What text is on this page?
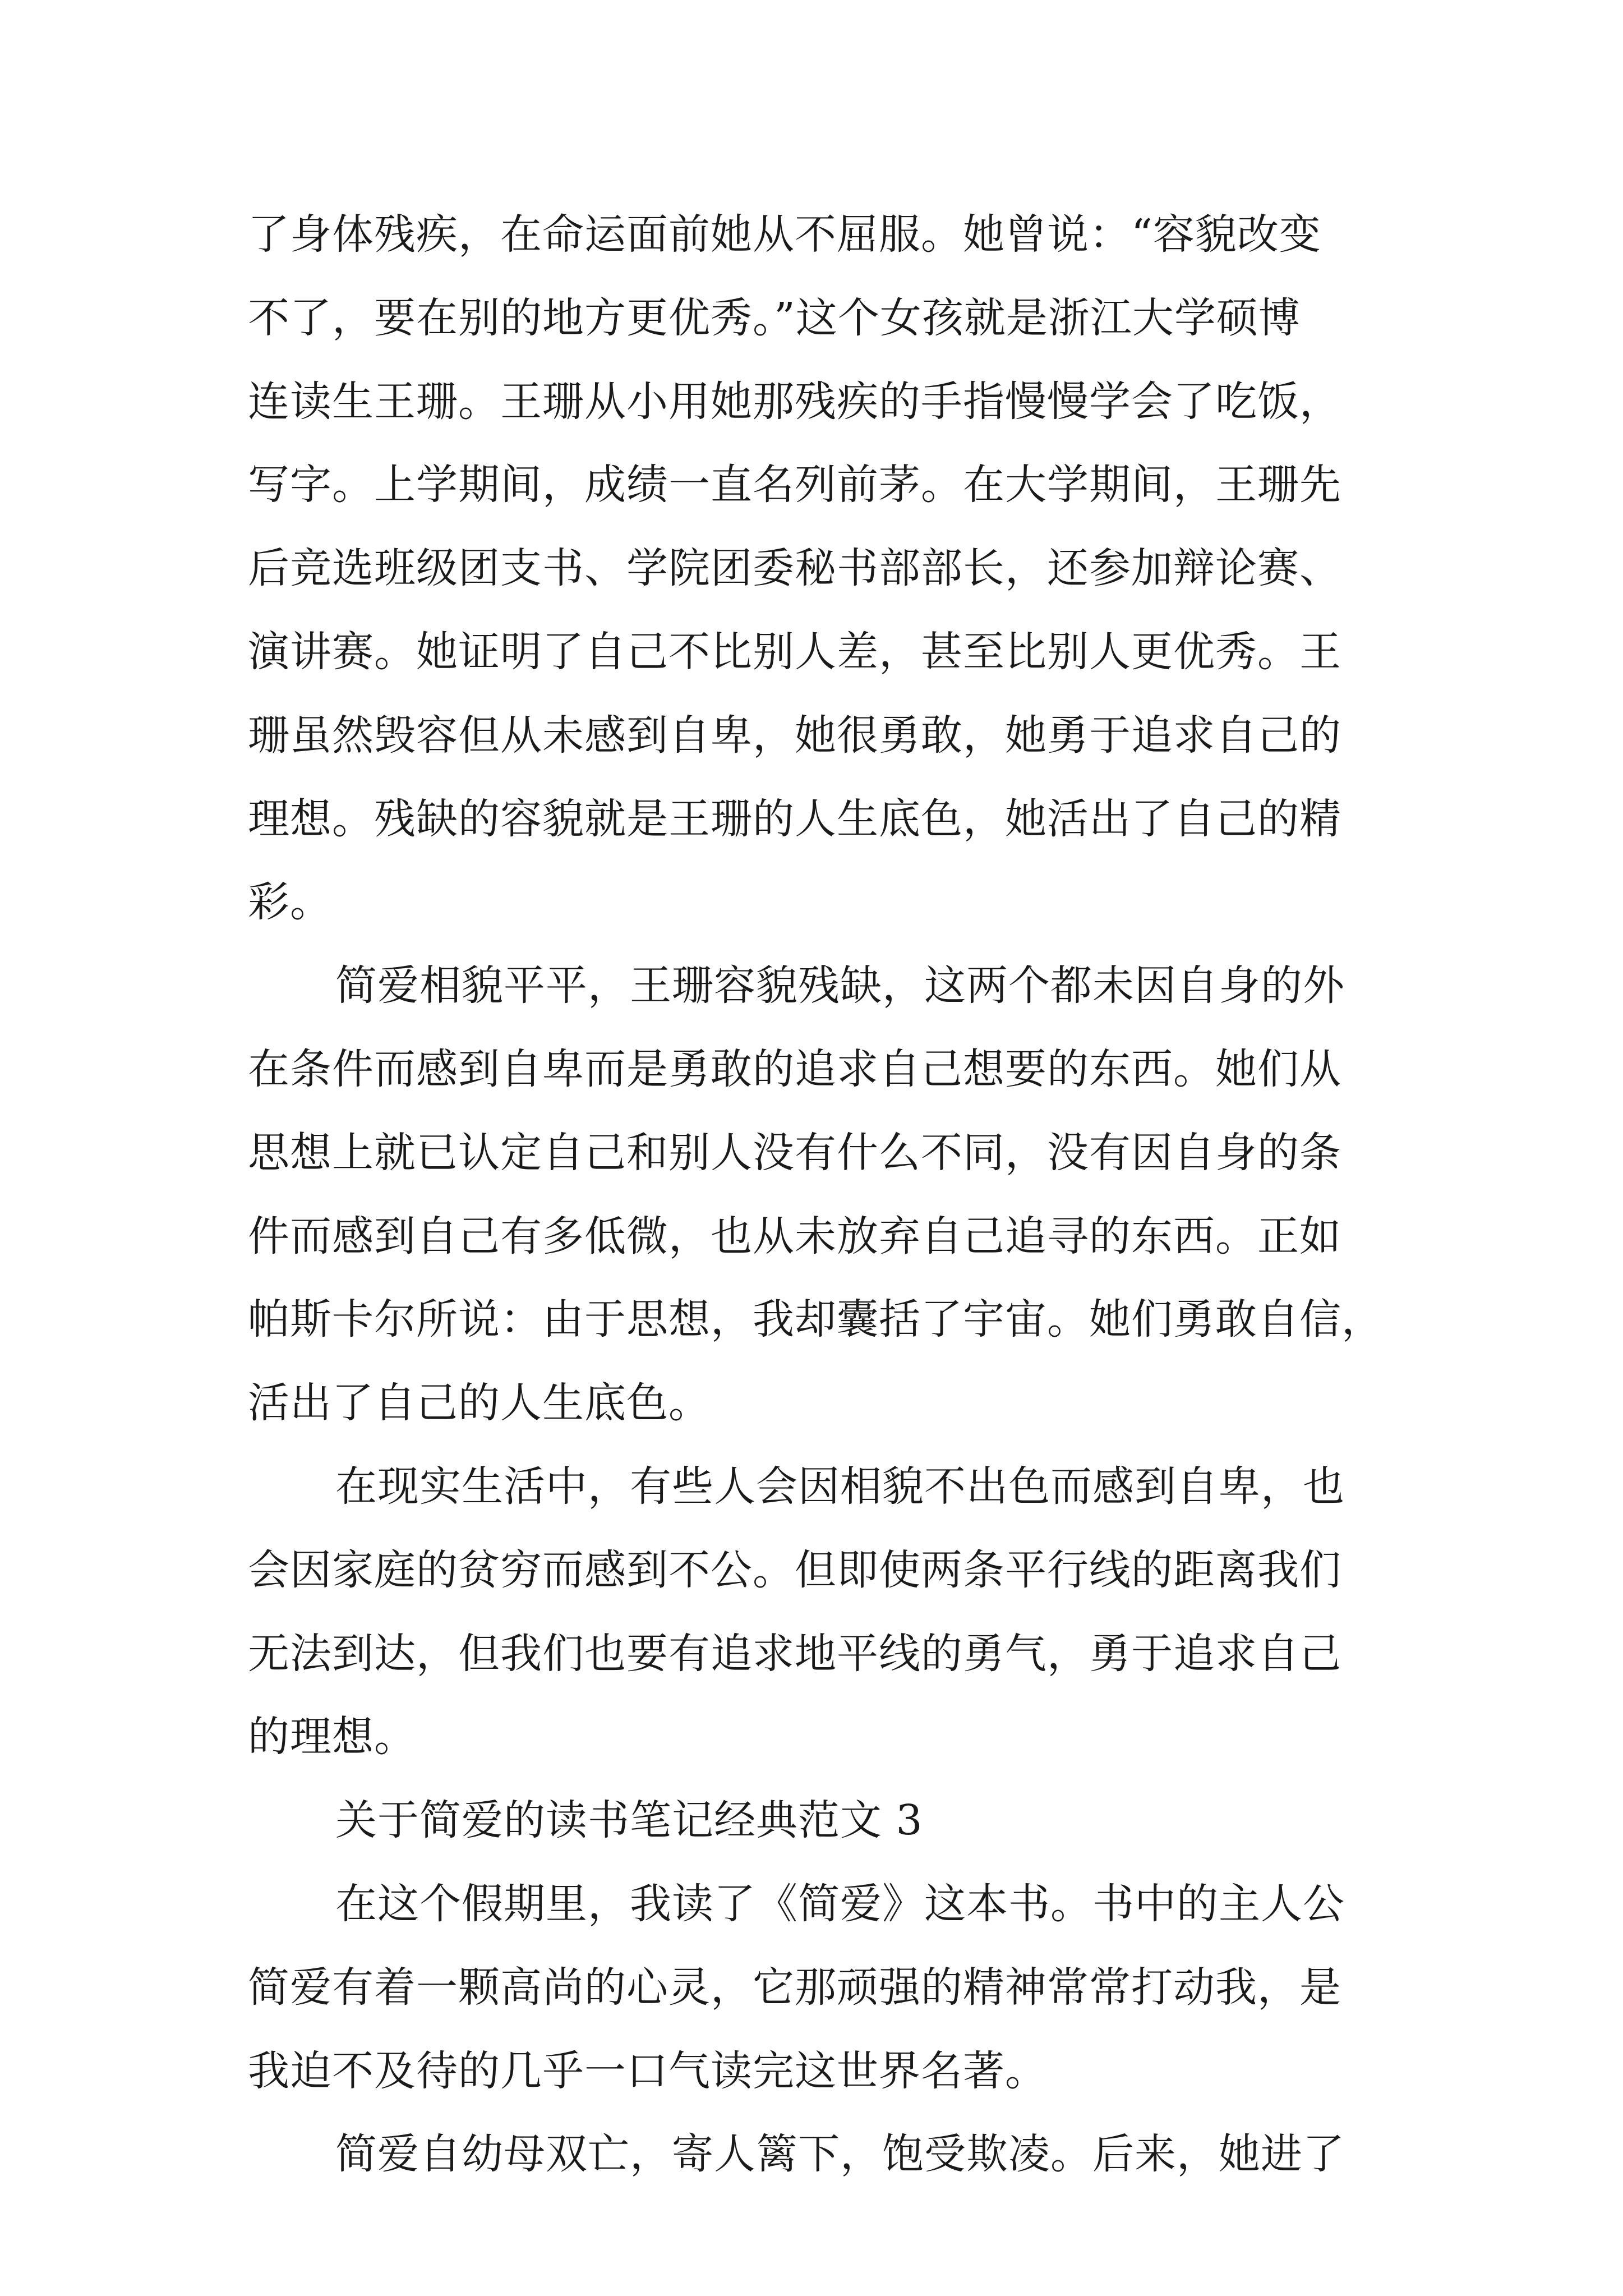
了身体残疾，在命运面前她从不屈服。她曾说：“容貌改变
不了，要在别的地方更优秀。”这个女孩就是浙江大学硕博
连读生王珊。王珊从小用她那残疾的手指慢慢学会了吃饭，
写字。上学期间，成绩一直名列前茅。在大学期间，王珊先
后竞选班级团支书、学院团委秘书部部长，还参加辩论赛、
演讲赛。她证明了自己不比别人差，甚至比别人更优秀。王
珊虽然毁容但从未感到自卑，她很勇敢，她勇于追求自己的
理想。残缺的容貌就是王珊的人生底色，她活出了自己的精
彩。
简爱相貌平平，王珊容貌残缺，这两个都未因自身的外
在条件而感到自卑而是勇敢的追求自己想要的东西。她们从
思想上就已认定自己和别人没有什么不同，没有因自身的条
件而感到自己有多低微，也从未放弃自己追寻的东西。正如
帕斯卡尔所说：由于思想，我却囊括了宇宙。她们勇敢自信，
活出了自己的人生底色。
在现实生活中，有些人会因相貌不出色而感到自卑，也
会因家庭的贫穷而感到不公。但即使两条平行线的距离我们
无法到达，但我们也要有追求地平线的勇气，勇于追求自己
的理想。
关于简爱的读书笔记经典范文 3
在这个假期里，我读了《简爱》这本书。书中的主人公
简爱有着一颗高尚的心灵，它那顽强的精神常常打动我，是
我迫不及待的几乎一口气读完这世界名著。
简爱自幼母双亡，寄人篱下，饱受欺凌。后来，她进了
